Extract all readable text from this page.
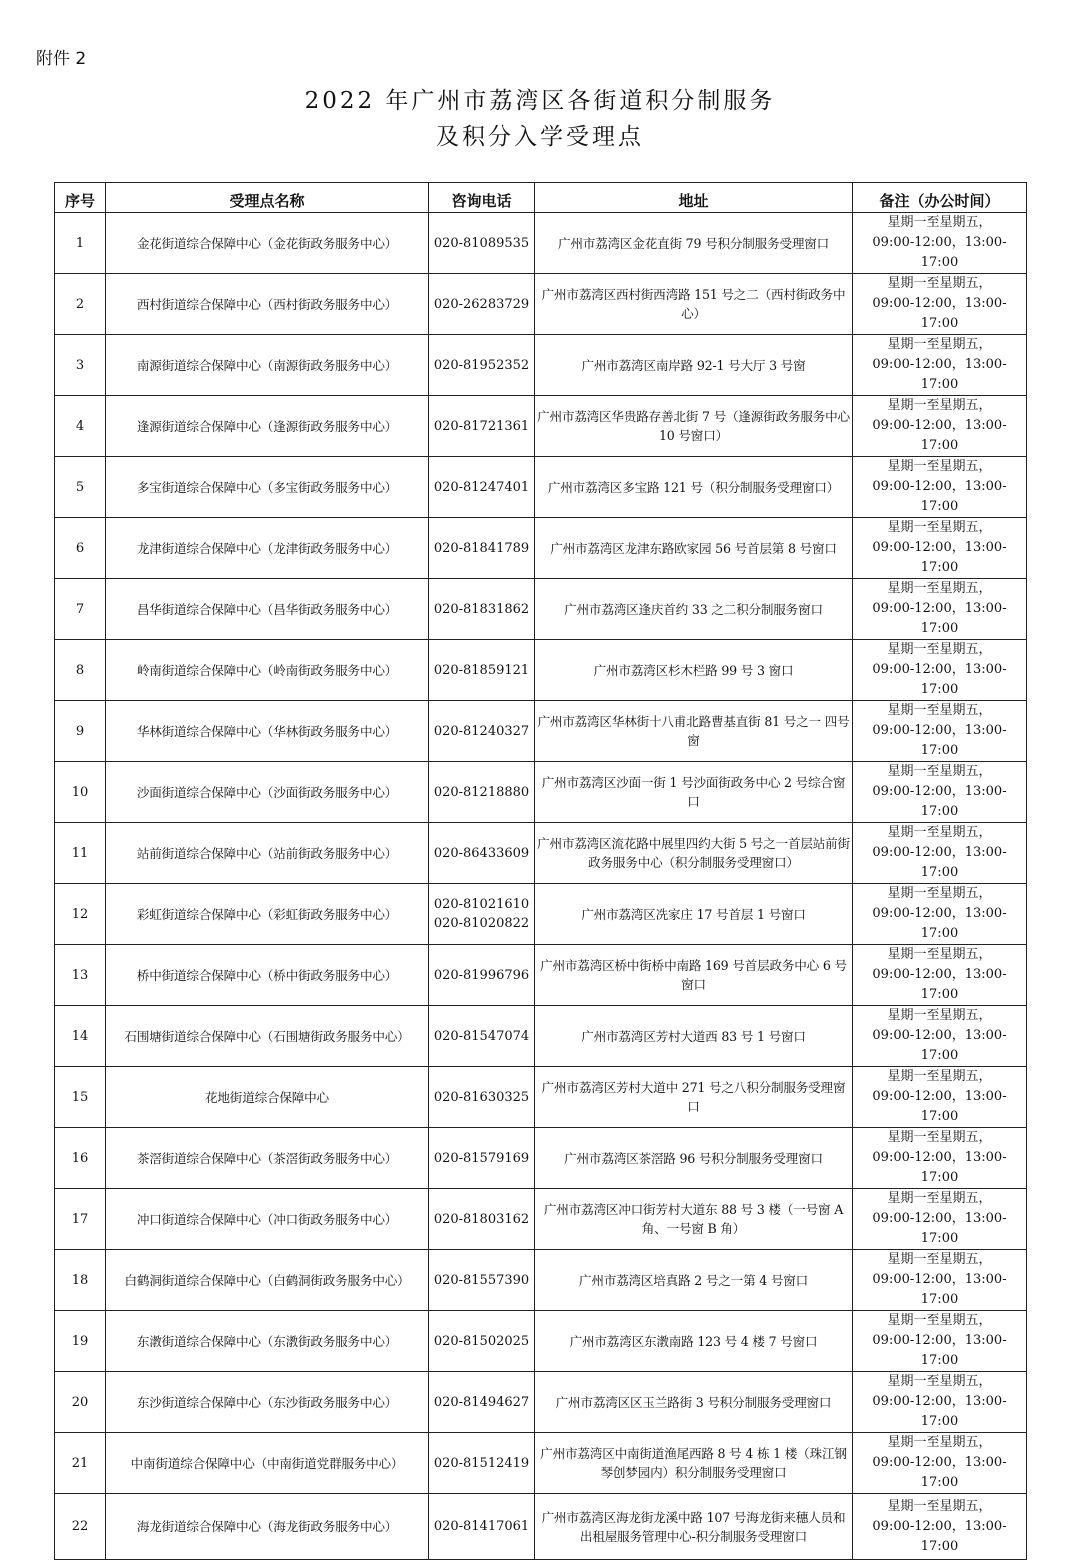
附件 2
2022 年广州市荔湾区各街道积分制服务
及积分入学受理点
序号	受理点名称	咨询电话	地址	备注（办公时间）
1	金花街道综合保障中心（金花街政务服务中心）	020-81089535	广州市荔湾区金花直街 79 号积分制服务受理窗口	星期一至星期五，
09:00-12:00，13:00-17:00

2	西村街道综合保障中心（西村街政务服务中心）	020-26283729	广州市荔湾区西村街西湾路 151 号之二（西村街政务中心）	星期一至星期五，
09:00-12:00，13:00-17:00

3	南源街道综合保障中心（南源街政务服务中心）	020-81952352	广州市荔湾区南岸路 92-1 号大厅 3 号窗	星期一至星期五，
09:00-12:00，13:00-17:00

4	逢源街道综合保障中心（逢源街政务服务中心）	020-81721361	广州市荔湾区华贵路存善北街 7 号（逢源街政务服务中心 10 号窗口）	星期一至星期五，
09:00-12:00，13:00-17:00

5	多宝街道综合保障中心（多宝街政务服务中心）	020-81247401	广州市荔湾区多宝路 121 号（积分制服务受理窗口）	星期一至星期五，
09:00-12:00，13:00-17:00

6	龙津街道综合保障中心（龙津街政务服务中心）	020-81841789	广州市荔湾区龙津东路欧家园 56 号首层第 8 号窗口	星期一至星期五，
09:00-12:00，13:00-17:00

7	昌华街道综合保障中心（昌华街政务服务中心）	020-81831862	广州市荔湾区逢庆首约 33 之二积分制服务窗口	星期一至星期五，
09:00-12:00，13:00-17:00

8	岭南街道综合保障中心（岭南街政务服务中心）	020-81859121	广州市荔湾区杉木栏路 99 号 3 窗口	星期一至星期五，
09:00-12:00，13:00-17:00

9	华林街道综合保障中心（华林街政务服务中心）	020-81240327	广州市荔湾区华林街十八甫北路曹基直街 81 号之一 四号窗	星期一至星期五，
09:00-12:00，13:00-17:00

10	沙面街道综合保障中心（沙面街政务服务中心）	020-81218880	广州市荔湾区沙面一街 1 号沙面街政务中心 2 号综合窗口	星期一至星期五，
09:00-12:00，13:00-17:00

11	站前街道综合保障中心（站前街政务服务中心）	020-86433609	广州市荔湾区流花路中展里四约大街 5 号之一首层站前街政务服务中心（积分制服务受理窗口）	星期一至星期五，
09:00-12:00，13:00-17:00

12	彩虹街道综合保障中心（彩虹街政务服务中心）	020-81021610
020-81020822	广州市荔湾区冼家庄 17 号首层 1 号窗口	星期一至星期五，
09:00-12:00，13:00-17:00

13	桥中街道综合保障中心（桥中街政务服务中心）	020-81996796	广州市荔湾区桥中街桥中南路 169 号首层政务中心 6 号窗口	星期一至星期五，
09:00-12:00，13:00-17:00

14	石围塘街道综合保障中心（石围塘街政务服务中心）	020-81547074	广州市荔湾区芳村大道西 83 号 1 号窗口	星期一至星期五，
09:00-12:00，13:00-17:00

15	花地街道综合保障中心	020-81630325	广州市荔湾区芳村大道中 271 号之八积分制服务受理窗口	星期一至星期五，
09:00-12:00，13:00-17:00

16	茶滘街道综合保障中心（茶滘街政务服务中心）	020-81579169	广州市荔湾区茶滘路 96 号积分制服务受理窗口	星期一至星期五，
09:00-12:00，13:00-17:00

17	冲口街道综合保障中心（冲口街政务服务中心）	020-81803162	广州市荔湾区冲口街芳村大道东 88 号 3 楼（一号窗 A 角、一号窗 B 角）	星期一至星期五，
09:00-12:00，13:00-17:00

18	白鹤洞街道综合保障中心（白鹤洞街政务服务中心）	020-81557390	广州市荔湾区培真路 2 号之一第 4 号窗口	星期一至星期五，
09:00-12:00，13:00-17:00

19	东漖街道综合保障中心（东漖街政务服务中心）	020-81502025	广州市荔湾区东漖南路 123 号 4 楼 7 号窗口	星期一至星期五，
09:00-12:00，13:00-17:00

20	东沙街道综合保障中心（东沙街政务服务中心）	020-81494627	广州市荔湾区区玉兰路街 3 号积分制服务受理窗口	星期一至星期五，
09:00-12:00，13:00-17:00

21	中南街道综合保障中心（中南街道党群服务中心）	020-81512419	广州市荔湾区中南街道渔尾西路 8 号 4 栋 1 楼（珠江钢琴创梦园内）积分制服务受理窗口	星期一至星期五，
09:00-12:00，13:00-17:00

22	海龙街道综合保障中心（海龙街政务服务中心）	020-81417061	广州市荔湾区海龙街龙溪中路 107 号海龙街来穗人员和出租屋服务管理中心-积分制服务受理窗口	星期一至星期五，
09:00-12:00，13:00-17:00
